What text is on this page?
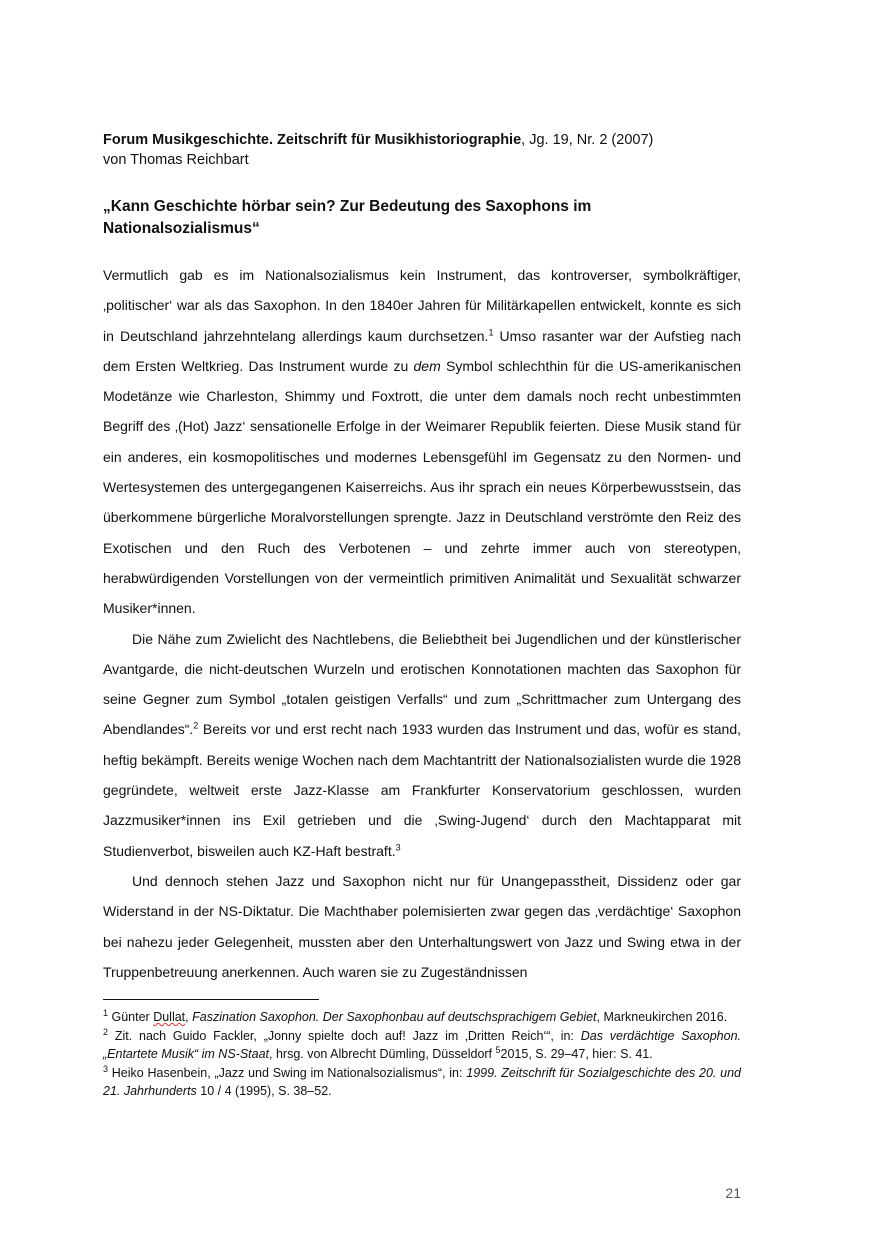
Forum Musikgeschichte. Zeitschrift für Musikhistoriographie, Jg. 19, Nr. 2 (2007)

von Thomas Reichbart

„Kann Geschichte hörbar sein? Zur Bedeutung des Saxophons im Nationalsozialismus“

Vermutlich gab es im Nationalsozialismus kein Instrument, das kontroverser, symbolkräftiger, ‚politischer‘ war als das Saxophon. In den 1840er Jahren für Militärkapellen entwickelt, konnte es sich in Deutschland jahrzehntelang allerdings kaum durchsetzen.$^1$ Umso rasanter war der Aufstieg nach dem Ersten Weltkrieg. Das Instrument wurde zu dem Symbol schlechthin für die US-amerikanischen Modetänze wie Charleston, Shimmy und Foxtrott, die unter dem damals noch recht unbestimmten Begriff des ‚(Hot) Jazz‘ sensationelle Erfolge in der Weimarer Republik feierten. Diese Musik stand für ein anderes, ein kosmopolitisches und modernes Lebensgefühl im Gegensatz zu den Normen- und Wertesystemen des untergegangenen Kaiserreichs. Aus ihr sprach ein neues Körperbewusstsein, das überkommene bürgerliche Moralvorstellungen sprengte. Jazz in Deutschland verströmte den Reiz des Exotischen und den Ruch des Verbotenen – und zehrte immer auch von stereotypen, herabwürdigenden Vorstellungen von der vermeintlich primitiven Animalität und Sexualität schwarzer Musiker*innen.

Die Nähe zum Zwielicht des Nachtlebens, die Beliebtheit bei Jugendlichen und der künstlerischer Avantgarde, die nicht-deutschen Wurzeln und erotischen Konnotationen machten das Saxophon für seine Gegner zum Symbol „totalen geistigen Verfalls“ und zum „Schrittmacher zum Untergang des Abendlandes“.$^2$ Bereits vor und erst recht nach 1933 wurden das Instrument und das, wofür es stand, heftig bekämpft. Bereits wenige Wochen nach dem Machtantritt der Nationalsozialisten wurde die 1928 gegründete, weltweit erste Jazz-Klasse am Frankfurter Konservatorium geschlossen, wurden Jazzmusiker*innen ins Exil getrieben und die ‚Swing-Jugend‘ durch den Machtapparat mit Studienverbot, bisweilen auch KZ-Haft bestraft.$^3$

Und dennoch stehen Jazz und Saxophon nicht nur für Unangepasstheit, Dissidenz oder gar Widerstand in der NS-Diktatur. Die Machthaber polemisierten zwar gegen das ‚verdächtige‘ Saxophon bei nahezu jeder Gelegenheit, mussten aber den Unterhaltungswert von Jazz und Swing etwa in der Truppenbetreuung anerkennen. Auch waren sie zu Zugeständnissen

$^1$ Günter Dullat, Faszination Saxophon. Der Saxophonbau auf deutschsprachigem Gebiet, Markneukirchen 2016.

$^2$ Zit. nach Guido Fackler, „Jonny spielte doch auf! Jazz im ‚Dritten Reich‘“, in: Das verdächtige Saxophon. „Entartete Musik“ im NS-Staat, hrsg. von Albrecht Dümling, Düsseldorf $^5$2015, S. 29–47, hier: S. 41.

$^3$ Heiko Hasenbein, „Jazz und Swing im Nationalsozialismus“, in: 1999. Zeitschrift für Sozialgeschichte des 20. und 21. Jahrhunderts 10 / 4 (1995), S. 38–52.

21
